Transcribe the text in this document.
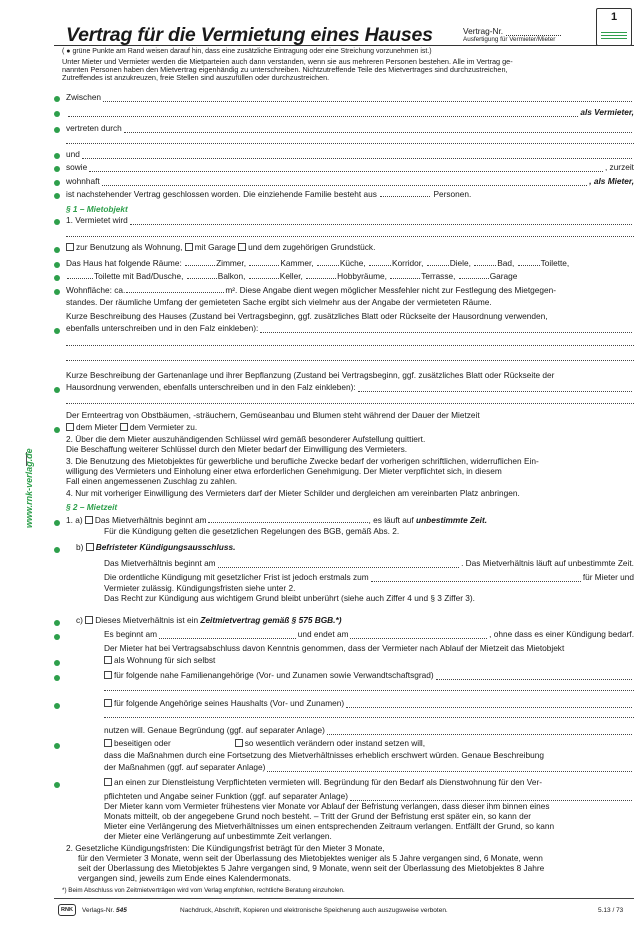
Vertrag für die Vermietung eines Hauses	Vertrag-Nr.
Ausfertigung für Vermieter/Mieter
1
( ● grüne Punkte am Rand weisen darauf hin, dass eine zusätzliche Eintragung oder eine Streichung vorzunehmen ist.)
Unter Mieter und Vermieter werden die Mietparteien auch dann verstanden, wenn sie aus mehreren Personen bestehen. Alle im Vertrag ge-
nannten Personen haben den Mietvertrag eigenhändig zu unterschreiben. Nichtzutreffende Teile des Mietvertrages sind durchzustreichen,
Zutreffendes ist anzukreuzen, freie Stellen sind auszufüllen oder durchzustreichen.
Zwischen
als Vermieter,
vertreten durch
und
sowie	, zurzeit
wohnhaft	, als Mieter,
ist nachstehender Vertrag geschlossen worden. Die einziehende Familie besteht aus	Personen.
§ 1 – Mietobjekt
1. Vermietet wird
zur Benutzung als Wohnung, mit Garage und dem zugehörigen Grundstück.
Das Haus hat folgende Räume:	Zimmer,	Kammer,	Küche,	Korridor,	Diele,	Bad,	Toilette,
Toilette mit Bad/Dusche,	Balkon,	Keller,	Hobbyräume,	Terrasse,	Garage
Wohnfläche: ca.	m². Diese Angabe dient wegen möglicher Messfehler nicht zur Festlegung des Mietgegen-
standes. Der räumliche Umfang der gemieteten Sache ergibt sich vielmehr aus der Angabe der vermieteten Räume.
Kurze Beschreibung des Hauses (Zustand bei Vertragsbeginn, ggf. zusätzliches Blatt oder Rückseite der Hausordnung verwenden,
ebenfalls unterschreiben und in den Falz einkleben):
Kurze Beschreibung der Gartenanlage und ihrer Bepflanzung (Zustand bei Vertragsbeginn, ggf. zusätzliches Blatt oder Rückseite der
Hausordnung verwenden, ebenfalls unterschreiben und in den Falz einkleben):
Der Ernteertrag von Obstbäumen, -sträuchern, Gemüseanbau und Blumen steht während der Dauer der Mietzeit
dem Mieter dem Vermieter zu.
2. Über die dem Mieter auszuhändigenden Schlüssel wird gemäß besonderer Aufstellung quittiert.
Die Beschaffung weiterer Schlüssel durch den Mieter bedarf der Einwilligung des Vermieters.
3. Die Benutzung des Mietobjektes für gewerbliche und berufliche Zwecke bedarf der vorherigen schriftlichen, widerruflichen Ein-
willigung des Vermieters und Einholung einer etwa erforderlichen Genehmigung. Der Mieter verpflichtet sich, in diesem
Fall einen angemessenen Zuschlag zu zahlen.
4. Nur mit vorheriger Einwilligung des Vermieters darf der Mieter Schilder und dergleichen am vereinbarten Platz anbringen.
§ 2 – Mietzeit
1. a) Das Mietverhältnis beginnt am	, es läuft auf unbestimmte Zeit.
Für die Kündigung gelten die gesetzlichen Regelungen des BGB, gemäß Abs. 2.
b) Befristeter Kündigungsausschluss.
Das Mietverhältnis beginnt am	. Das Mietverhältnis läuft auf unbestimmte Zeit.
Die ordentliche Kündigung mit gesetzlicher Frist ist jedoch erstmals zum	für Mieter und
Vermieter zulässig. Kündigungsfristen siehe unter 2.
Das Recht zur Kündigung aus wichtigem Grund bleibt unberührt (siehe auch Ziffer 4 und § 3 Ziffer 3).
c) Dieses Mietverhältnis ist ein Zeitmietvertrag gemäß § 575 BGB.*)
Es beginnt am	und endet am	, ohne dass es einer Kündigung bedarf.
Der Mieter hat bei Vertragsabschluss davon Kenntnis genommen, dass der Vermieter nach Ablauf der Mietzeit das Mietobjekt
als Wohnung für sich selbst
für folgende nahe Familienangehörige (Vor- und Zunamen sowie Verwandtschaftsgrad)
für folgende Angehörige seines Haushalts (Vor- und Zunamen)
nutzen will. Genaue Begründung (ggf. auf separater Anlage)
beseitigen oder	so wesentlich verändern oder instand setzen will,
dass die Maßnahmen durch eine Fortsetzung des Mietverhältnisses erheblich erschwert würden. Genaue Beschreibung
der Maßnahmen (ggf. auf separater Anlage)
an einen zur Dienstleistung Verpflichteten vermieten will. Begründung für den Bedarf als Dienstwohnung für den Ver-
pflichteten und Angabe seiner Funktion (ggf. auf separater Anlage)
Der Mieter kann vom Vermieter frühestens vier Monate vor Ablauf der Befristung verlangen, dass dieser ihm binnen eines
Monats mitteilt, ob der angegebene Grund noch besteht. – Tritt der Grund der Befristung erst später ein, so kann der
Mieter eine Verlängerung des Mietverhältnisses um einen entsprechenden Zeitraum verlangen. Entfällt der Grund, so kann
der Mieter eine Verlängerung auf unbestimmte Zeit verlangen.
2. Gesetzliche Kündigungsfristen: Die Kündigungsfrist beträgt für den Mieter 3 Monate,
für den Vermieter 3 Monate, wenn seit der Überlassung des Mietobjektes weniger als 5 Jahre vergangen sind, 6 Monate, wenn
seit der Überlassung des Mietobjektes 5 Jahre vergangen sind, 9 Monate, wenn seit der Überlassung des Mietobjektes 8 Jahre
vergangen sind, jeweils zum Ende eines Kalendermonats.
*) Beim Abschluss von Zeitmietverträgen wird vom Verlag empfohlen, rechtliche Beratung einzuholen.
www.rnk-verlag.de
RNK	Verlags-Nr. 545	Nachdruck, Abschrift, Kopieren und elektronische Speicherung auch auszugsweise verboten.	5.13 / 73
